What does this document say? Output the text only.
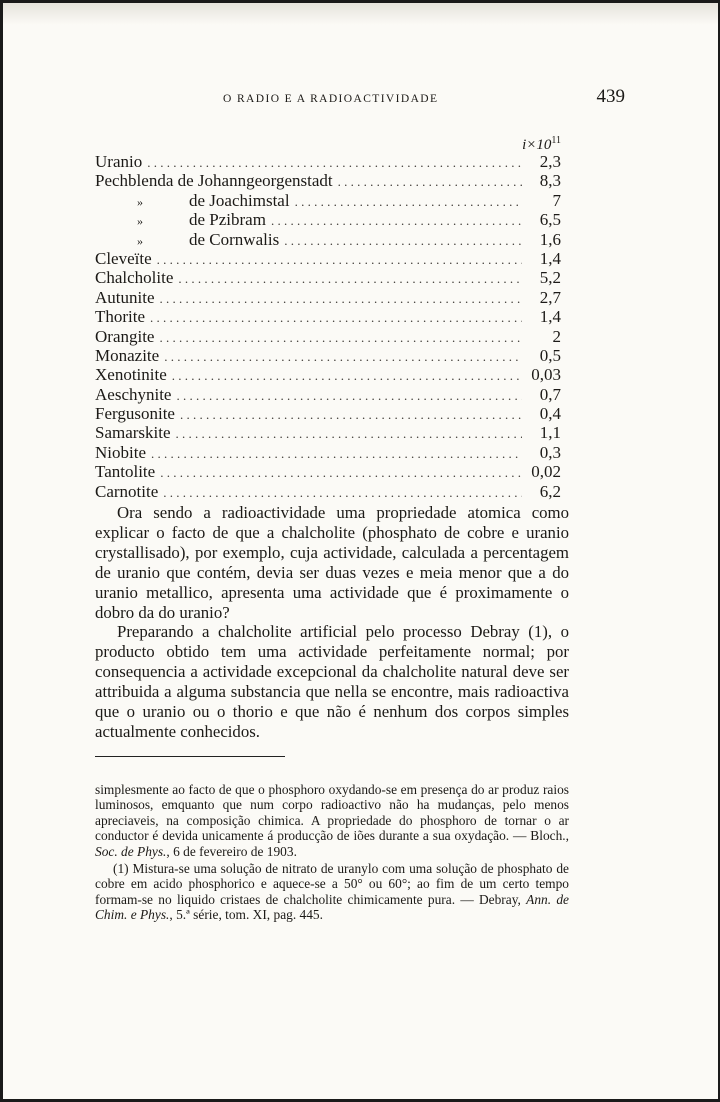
O RADIO E A RADIOACTIVIDADE	439
$i\times 10^{11}$
Uranio . . .	2,3
Pechblenda de Johanngeorgenstadt . . .	8,3
»	de Joachimstal . . .	7
»	de Pzibram . . .	6,5
»	de Cornwalis . . .	1,6
Cleveïte . . .	1,4
Chalcholite . . .	5,2
Autunite . . .	2,7
Thorite . . .	1,4
Orangite . . .	2
Monazite . . .	0,5
Xenotinite . . .	0,03
Aeschynite . . .	0,7
Fergusonite . . .	0,4
Samarskite . . .	1,1
Niobite . . .	0,3
Tantolite . . .	0,02
Carnotite . . .	6,2

Ora sendo a radioactividade uma propriedade atomica como explicar o facto de que a chalcholite (phosphato de cobre e uranio crystallisado), por exemplo, cuja actividade, calculada a percentagem de uranio que contém, devia ser duas vezes e meia menor que a do uranio metallico, apresenta uma actividade que é proximamente o dobro da do uranio?

Preparando a chalcholite artificial pelo processo Debray (1), o producto obtido tem uma actividade perfeitamente normal; por consequencia a actividade excepcional da chalcholite natural deve ser attribuida a alguma substancia que nella se encontre, mais radioactiva que o uranio ou o thorio e que não é nenhum dos corpos simples actualmente conhecidos.

simplesmente ao facto de que o phosphoro oxydando-se em presença do ar produz raios luminosos, emquanto que num corpo radioactivo não ha mudanças, pelo menos apreciaveis, na composição chimica. A propriedade do phosphoro de tornar o ar conductor é devida unicamente á producção de iões durante a sua oxydação. — Bloch., Soc. de Phys., 6 de fevereiro de 1903.

(1) Mistura-se uma solução de nitrato de uranylo com uma solução de phosphato de cobre em acido phosphorico e aquece-se a 50° ou 60°; ao fim de um certo tempo formam-se no liquido cristaes de chalcholite chimicamente pura. — Debray, Ann. de Chim. e Phys., 5.ª série, tom. XI, pag. 445.
